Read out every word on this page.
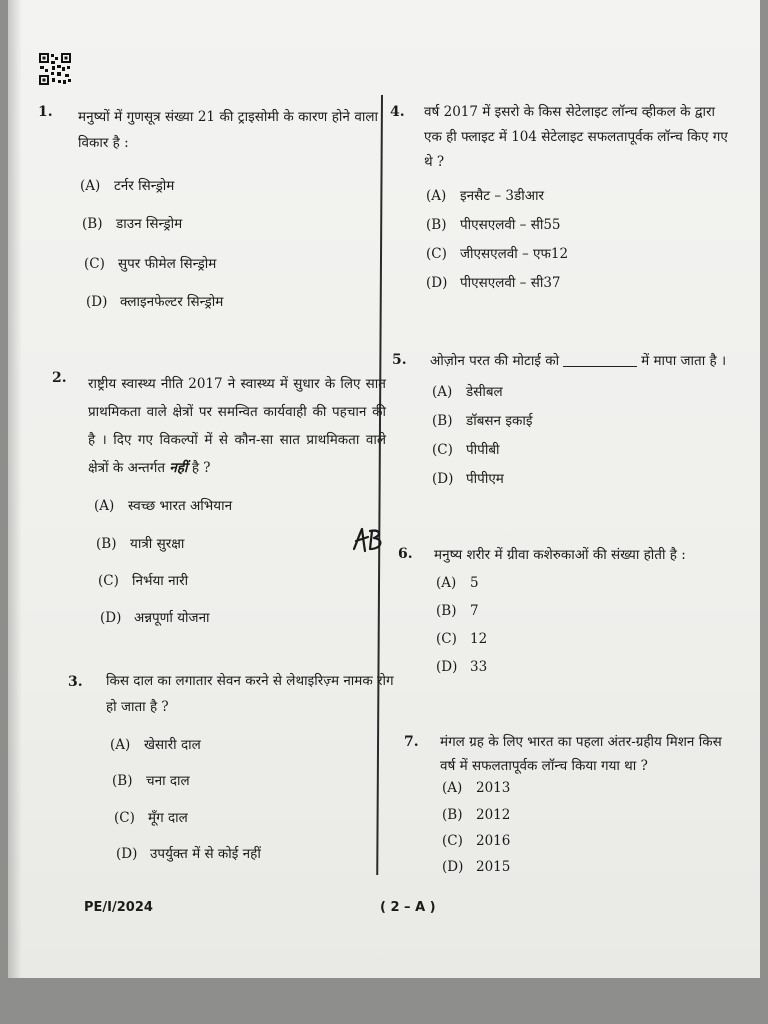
1. मनुष्यों में गुणसूत्र संख्या 21 की ट्राइसोमी के कारण होने वाला विकार है :
(A) टर्नर सिन्ड्रोम
(B) डाउन सिन्ड्रोम
(C) सुपर फीमेल सिन्ड्रोम
(D) क्लाइनफेल्टर सिन्ड्रोम
2. राष्ट्रीय स्वास्थ्य नीति 2017 ने स्वास्थ्य में सुधार के लिए सात प्राथमिकता वाले क्षेत्रों पर समन्वित कार्यवाही की पहचान की है । दिए गए विकल्पों में से कौन-सा सात प्राथमिकता वाले क्षेत्रों के अन्तर्गत नहीं है ?
(A) स्वच्छ भारत अभियान
(B) यात्री सुरक्षा
(C) निर्भया नारी
(D) अन्नपूर्णा योजना
3. किस दाल का लगातार सेवन करने से लेथाइरिज़्म नामक रोग हो जाता है ?
(A) खेसारी दाल
(B) चना दाल
(C) मूँग दाल
(D) उपर्युक्त में से कोई नहीं
4. वर्ष 2017 में इसरो के किस सेटेलाइट लॉन्च व्हीकल के द्वारा एक ही फ्लाइट में 104 सेटेलाइट सफलतापूर्वक लॉन्च किए गए थे ?
(A) इनसैट – 3डीआर
(B) पीएसएलवी – सी55
(C) जीएसएलवी – एफ12
(D) पीएसएलवी – सी37
5. ओज़ोन परत की मोटाई को	में मापा जाता है ।
(A) डेसीबल
(B) डॉबसन इकाई
(C) पीपीबी
(D) पीपीएम
6. मनुष्य शरीर में ग्रीवा कशेरुकाओं की संख्या होती है :
(A) 5
(B) 7
(C) 12
(D) 33
7. मंगल ग्रह के लिए भारत का पहला अंतर-ग्रहीय मिशन किस वर्ष में सफलतापूर्वक लॉन्च किया गया था ?
(A) 2013
(B) 2012
(C) 2016
(D) 2015
PE/I/2024	( 2 – A )
